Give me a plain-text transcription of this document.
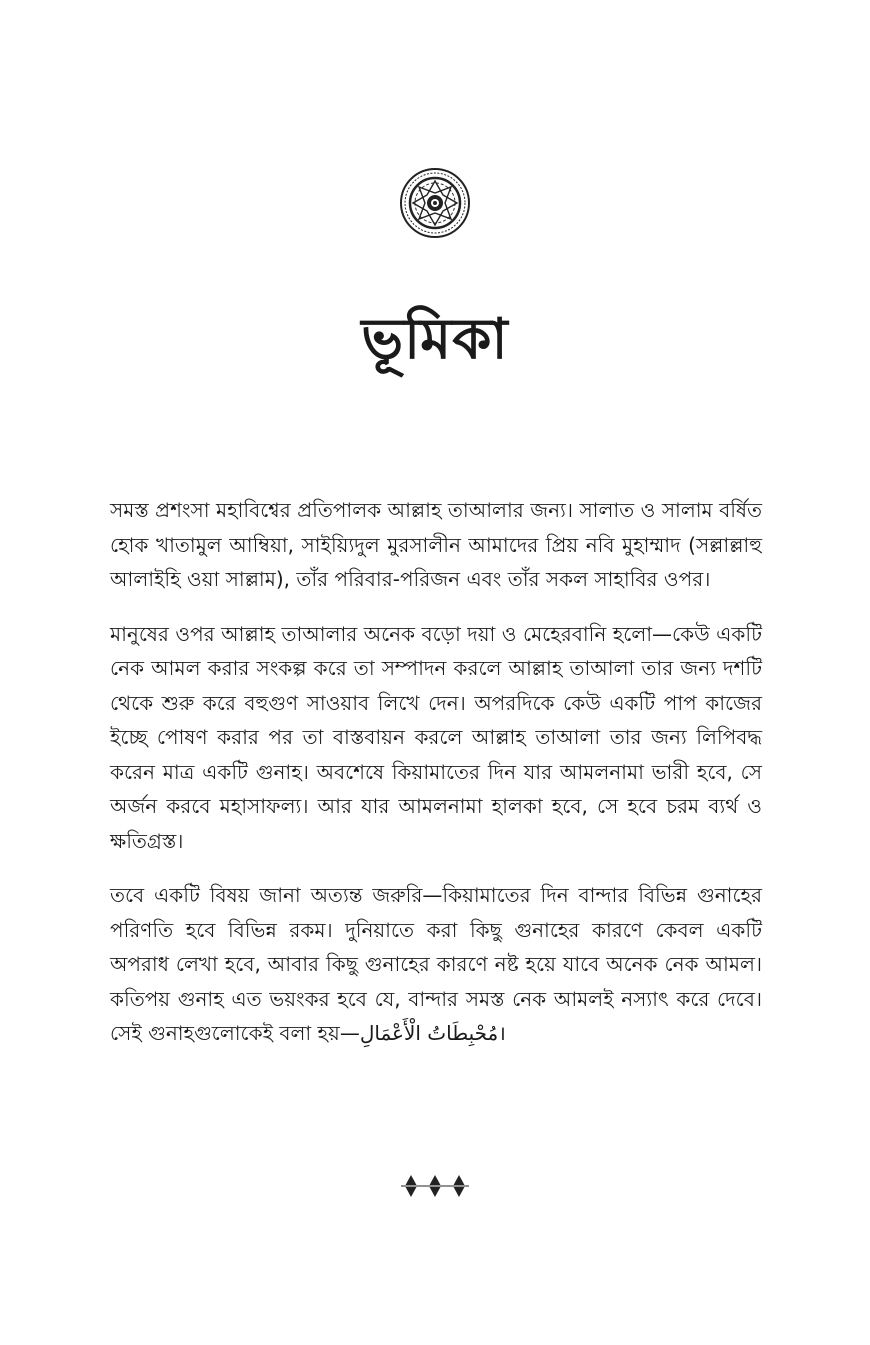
ভূমিকা

সমস্ত প্রশংসা মহাবিশ্বের প্রতিপালক আল্লাহ তাআলার জন্য। সালাত ও সালাম বর্ষিত হোক খাতামুল আম্বিয়া, সাইয়্যিদুল মুরসালীন আমাদের প্রিয় নবি মুহাম্মাদ (সল্লাল্লাহু আলাইহি ওয়া সাল্লাম), তাঁর পরিবার-পরিজন এবং তাঁর সকল সাহাবির ওপর।

মানুষের ওপর আল্লাহ তাআলার অনেক বড়ো দয়া ও মেহেরবানি হলো—কেউ একটি নেক আমল করার সংকল্প করে তা সম্পাদন করলে আল্লাহ তাআলা তার জন্য দশটি থেকে শুরু করে বহুগুণ সাওয়াব লিখে দেন। অপরদিকে কেউ একটি পাপ কাজের ইচ্ছে পোষণ করার পর তা বাস্তবায়ন করলে আল্লাহ তাআলা তার জন্য লিপিবদ্ধ করেন মাত্র একটি গুনাহ। অবশেষে কিয়ামাতের দিন যার আমলনামা ভারী হবে, সে অর্জন করবে মহাসাফল্য। আর যার আমলনামা হালকা হবে, সে হবে চরম ব্যর্থ ও ক্ষতিগ্রস্ত।

তবে একটি বিষয় জানা অত্যন্ত জরুরি—কিয়ামাতের দিন বান্দার বিভিন্ন গুনাহের পরিণতি হবে বিভিন্ন রকম। দুনিয়াতে করা কিছু গুনাহের কারণে কেবল একটি অপরাধ লেখা হবে, আবার কিছু গুনাহের কারণে নষ্ট হয়ে যাবে অনেক নেক আমল। কতিপয় গুনাহ এত ভয়ংকর হবে যে, বান্দার সমস্ত নেক আমলই নস্যাৎ করে দেবে। সেই গুনাহগুলোকেই বলা হয়—مُحْبِطَاتُ الْأَعْمَالِ।
